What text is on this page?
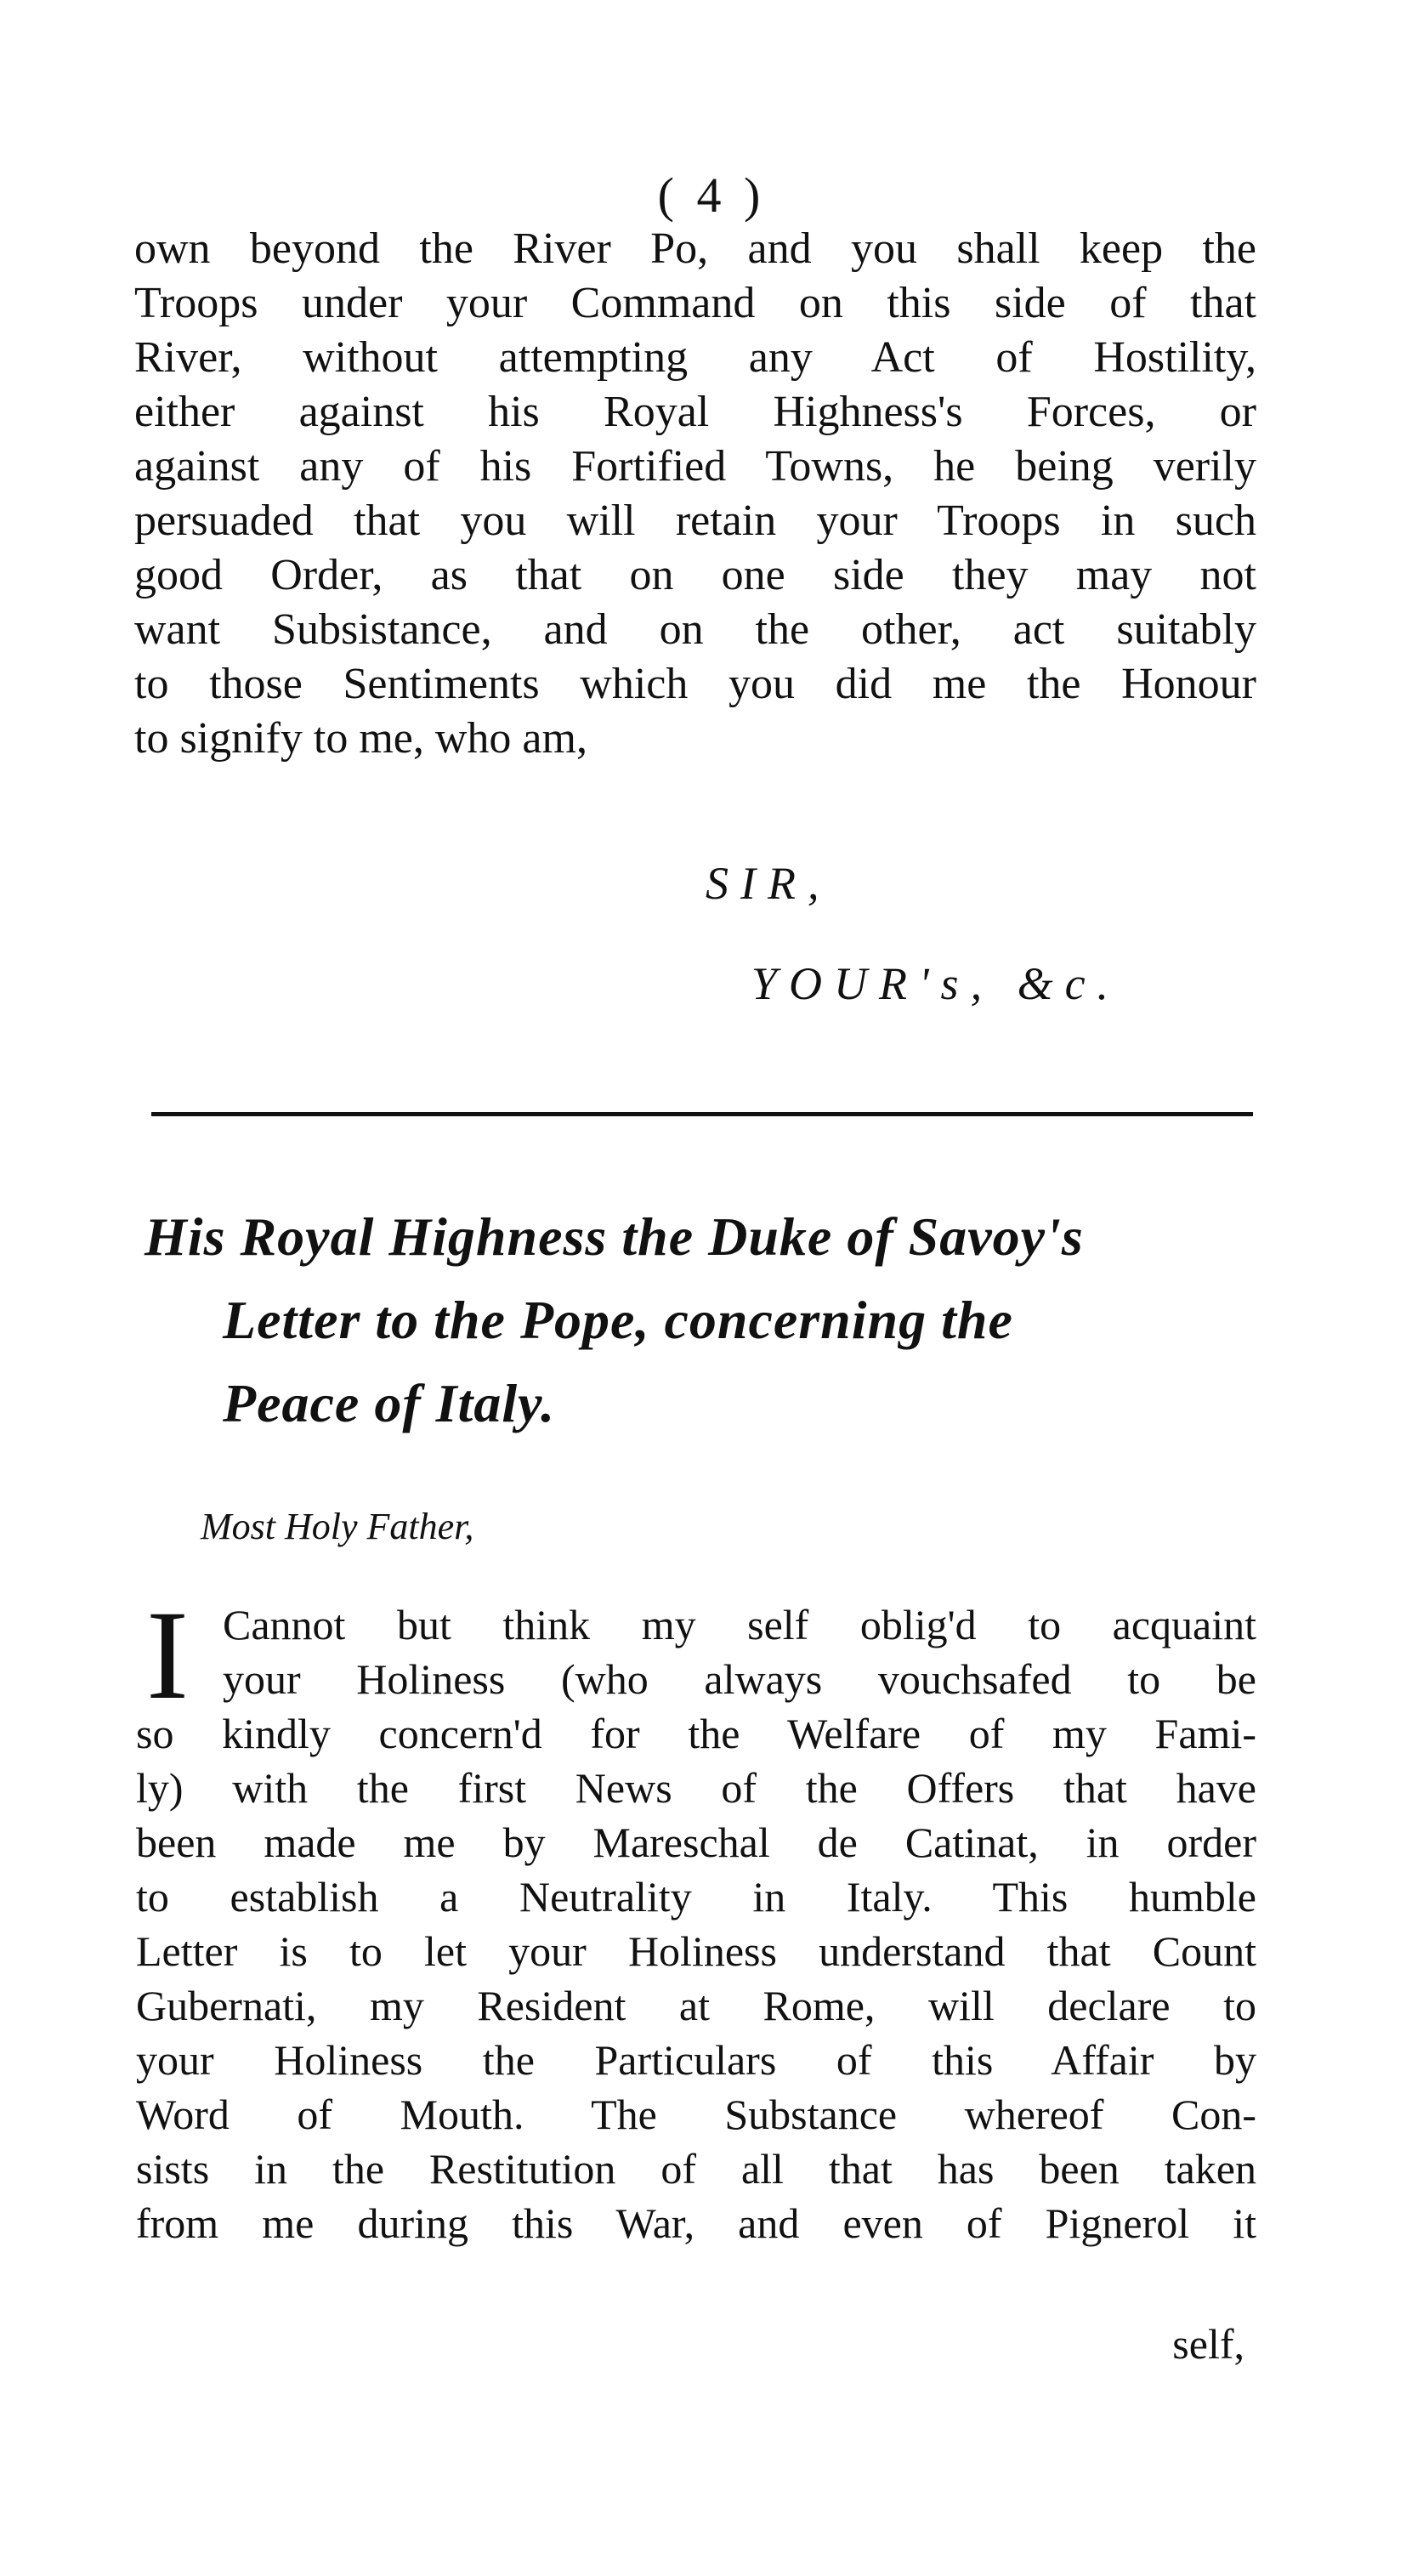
( 4 )
own beyond the River Po, and you shall keep the
Troops under your Command on this side of that
River, without attempting any Act of Hostility,
either against his Royal Highness's Forces, or
against any of his Fortified Towns, he being verily
persuaded that you will retain your Troops in such
good Order, as that on one side they may not
want Subsistance, and on the other, act suitably
to those Sentiments which you did me the Honour
to signify to me, who am,
SIR,
YOUR's, &c.
His Royal Highness the Duke of Savoy's
Letter to the Pope, concerning the
Peace of Italy.
Most Holy Father,
I Cannot but think my self oblig'd to acquaint
your Holiness (who always vouchsafed to be
so kindly concern'd for the Welfare of my Fami-
ly) with the first News of the Offers that have
been made me by Mareschal de Catinat, in order
to establish a Neutrality in Italy. This humble
Letter is to let your Holiness understand that Count
Gubernati, my Resident at Rome, will declare to
your Holiness the Particulars of this Affair by
Word of Mouth. The Substance whereof Con-
sists in the Restitution of all that has been taken
from me during this War, and even of Pignerol it
self,
